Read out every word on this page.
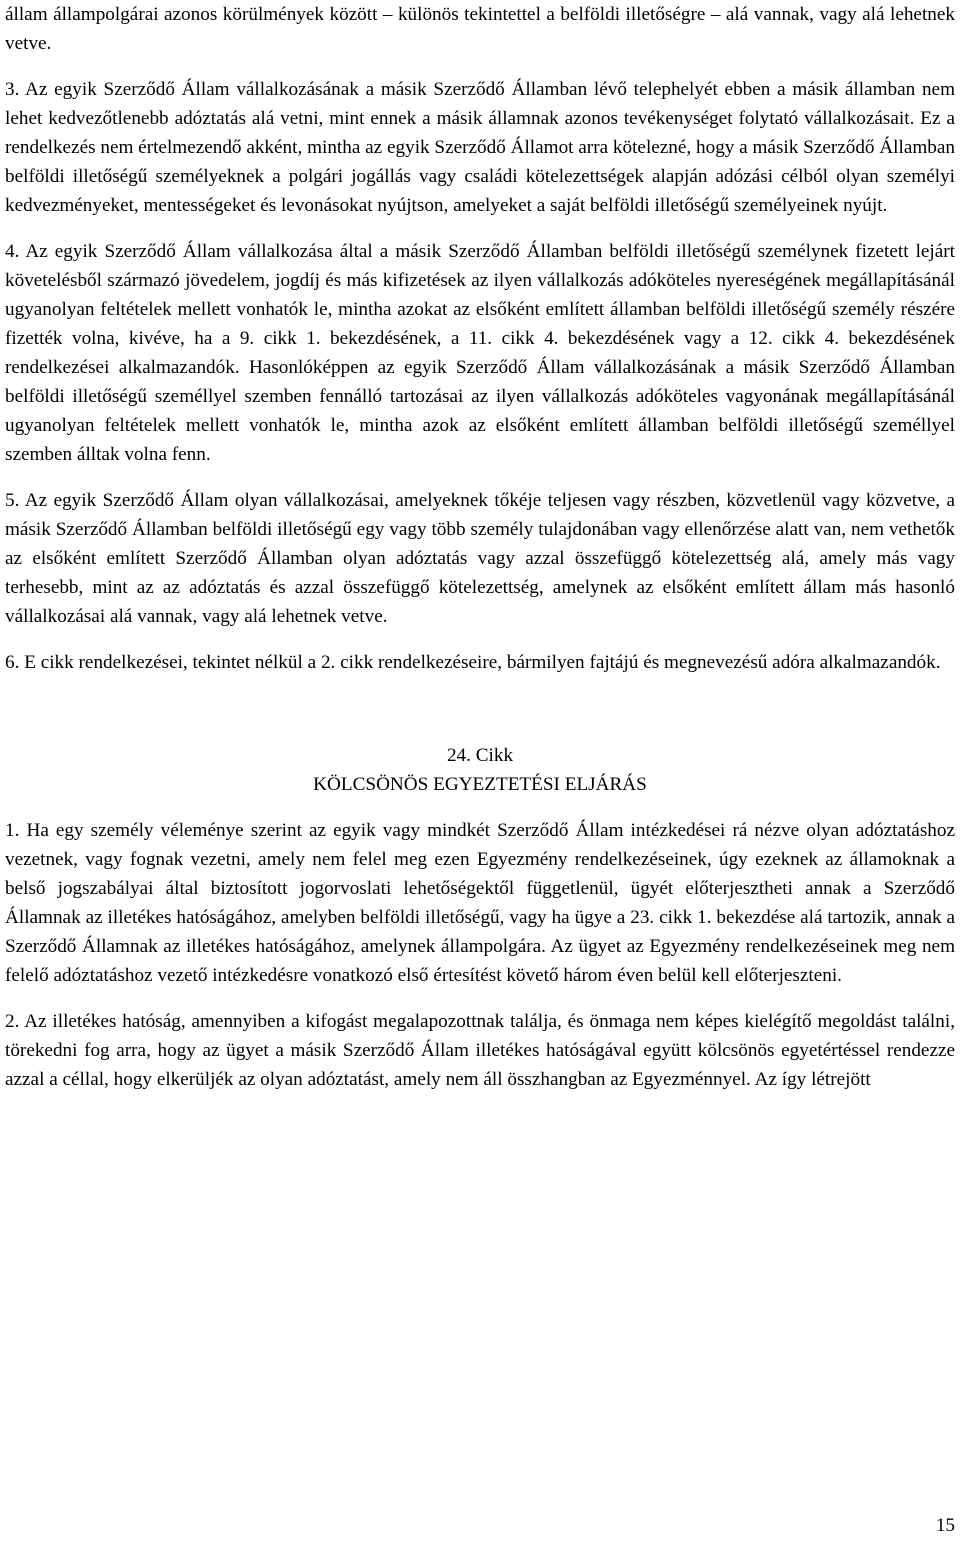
állam állampolgárai azonos körülmények között – különös tekintettel a belföldi illetőségre – alá vannak, vagy alá lehetnek vetve.

3. Az egyik Szerződő Állam vállalkozásának a másik Szerződő Államban lévő telephelyét ebben a másik államban nem lehet kedvezőtlenebb adóztatás alá vetni, mint ennek a másik államnak azonos tevékenységet folytató vállalkozásait. Ez a rendelkezés nem értelmezendő akként, mintha az egyik Szerződő Államot arra kötelezné, hogy a másik Szerződő Államban belföldi illetőségű személyeknek a polgári jogállás vagy családi kötelezettségek alapján adózási célból olyan személyi kedvezményeket, mentességeket és levonásokat nyújtson, amelyeket a saját belföldi illetőségű személyeinek nyújt.

4. Az egyik Szerződő Állam vállalkozása által a másik Szerződő Államban belföldi illetőségű személynek fizetett lejárt követelésből származó jövedelem, jogdíj és más kifizetések az ilyen vállalkozás adóköteles nyereségének megállapításánál ugyanolyan feltételek mellett vonhatók le, mintha azokat az elsőként említett államban belföldi illetőségű személy részére fizették volna, kivéve, ha a 9. cikk 1. bekezdésének, a 11. cikk 4. bekezdésének vagy a 12. cikk 4. bekezdésének rendelkezései alkalmazandók. Hasonlóképpen az egyik Szerződő Állam vállalkozásának a másik Szerződő Államban belföldi illetőségű személlyel szemben fennálló tartozásai az ilyen vállalkozás adóköteles vagyonának megállapításánál ugyanolyan feltételek mellett vonhatók le, mintha azok az elsőként említett államban belföldi illetőségű személlyel szemben álltak volna fenn.

5. Az egyik Szerződő Állam olyan vállalkozásai, amelyeknek tőkéje teljesen vagy részben, közvetlenül vagy közvetve, a másik Szerződő Államban belföldi illetőségű egy vagy több személy tulajdonában vagy ellenőrzése alatt van, nem vethetők az elsőként említett Szerződő Államban olyan adóztatás vagy azzal összefüggő kötelezettség alá, amely más vagy terhesebb, mint az az adóztatás és azzal összefüggő kötelezettség, amelynek az elsőként említett állam más hasonló vállalkozásai alá vannak, vagy alá lehetnek vetve.

6. E cikk rendelkezései, tekintet nélkül a 2. cikk rendelkezéseire, bármilyen fajtájú és megnevezésű adóra alkalmazandók.

24. Cikk

KÖLCSÖNÖS EGYEZTETÉSI ELJÁRÁS

1. Ha egy személy véleménye szerint az egyik vagy mindkét Szerződő Állam intézkedései rá nézve olyan adóztatáshoz vezetnek, vagy fognak vezetni, amely nem felel meg ezen Egyezmény rendelkezéseinek, úgy ezeknek az államoknak a belső jogszabályai által biztosított jogorvoslati lehetőségektől függetlenül, ügyét előterjesztheti annak a Szerződő Államnak az illetékes hatóságához, amelyben belföldi illetőségű, vagy ha ügye a 23. cikk 1. bekezdése alá tartozik, annak a Szerződő Államnak az illetékes hatóságához, amelynek állampolgára. Az ügyet az Egyezmény rendelkezéseinek meg nem felelő adóztatáshoz vezető intézkedésre vonatkozó első értesítést követő három éven belül kell előterjeszteni.

2. Az illetékes hatóság, amennyiben a kifogást megalapozottnak találja, és önmaga nem képes kielégítő megoldást találni, törekedni fog arra, hogy az ügyet a másik Szerződő Állam illetékes hatóságával együtt kölcsönös egyetértéssel rendezze azzal a céllal, hogy elkerüljék az olyan adóztatást, amely nem áll összhangban az Egyezménnyel. Az így létrejött

15
